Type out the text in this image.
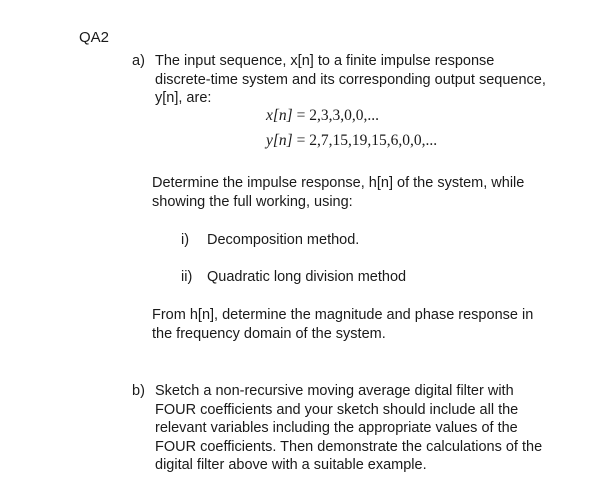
QA2
a) The input sequence, x[n] to a finite impulse response
discrete-time system and its corresponding output sequence,
y[n], are:
x[n] = 2,3,3,0,0,...
y[n] = 2,7,15,19,15,6,0,0,...
Determine the impulse response, h[n] of the system, while
showing the full working, using:
i) Decomposition method.
ii) Quadratic long division method
From h[n], determine the magnitude and phase response in
the frequency domain of the system.
b) Sketch a non-recursive moving average digital filter with
FOUR coefficients and your sketch should include all the
relevant variables including the appropriate values of the
FOUR coefficients. Then demonstrate the calculations of the
digital filter above with a suitable example.
